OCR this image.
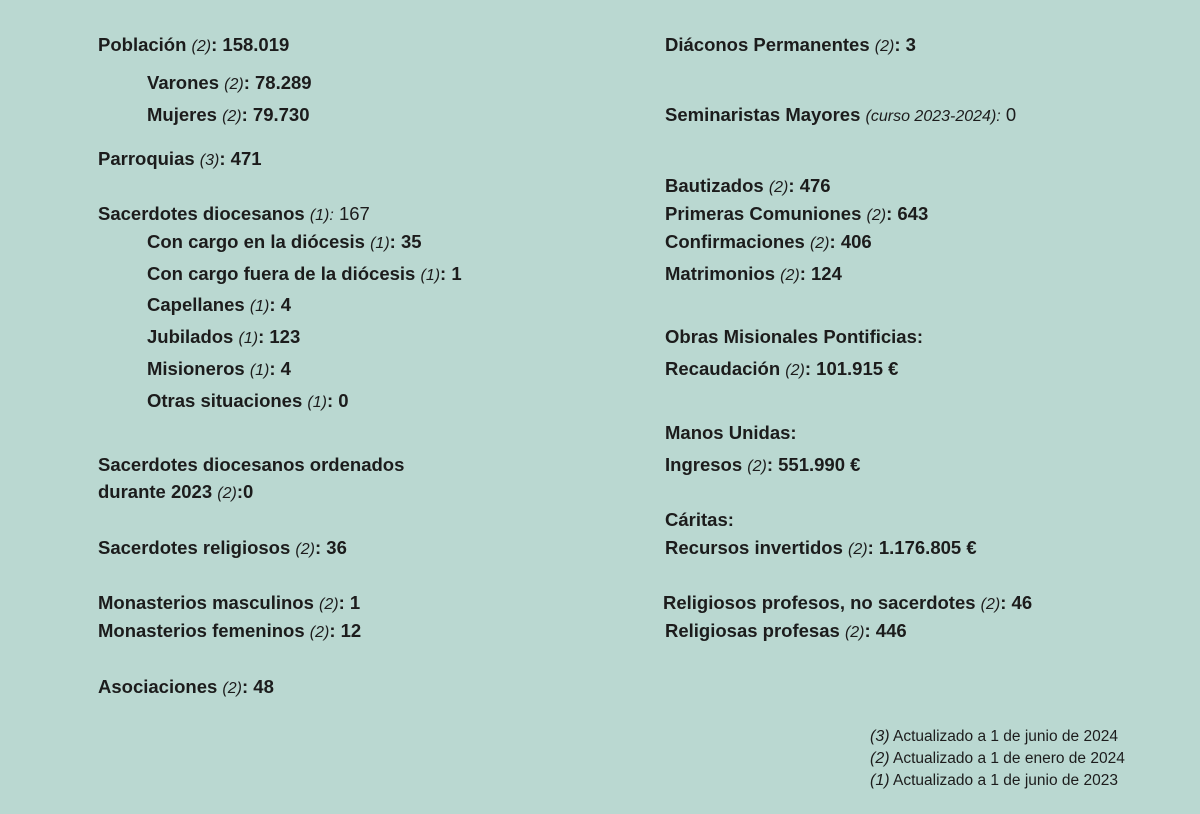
Población (2): 158.019
Varones (2): 78.289
Mujeres (2): 79.730
Parroquias (3): 471
Sacerdotes diocesanos (1): 167
Con cargo en la diócesis (1): 35
Con cargo fuera de la diócesis (1): 1
Capellanes (1): 4
Jubilados (1): 123
Misioneros (1): 4
Otras situaciones (1): 0
Sacerdotes diocesanos ordenados
durante 2023 (2):0
Sacerdotes religiosos (2): 36
Monasterios masculinos (2): 1
Monasterios femeninos (2): 12
Asociaciones (2): 48
Diáconos Permanentes (2): 3
Seminaristas Mayores (curso 2023-2024): 0
Bautizados (2): 476
Primeras Comuniones (2): 643
Confirmaciones (2): 406
Matrimonios (2): 124
Obras Misionales Pontificias:
Recaudación (2): 101.915 €
Manos Unidas:
Ingresos (2): 551.990 €
Cáritas:
Recursos invertidos (2): 1.176.805 €
Religiosos profesos, no sacerdotes (2): 46
Religiosas profesas (2): 446
(3) Actualizado a 1 de junio de 2024
(2) Actualizado a 1 de enero de 2024
(1) Actualizado a 1 de junio de 2023
